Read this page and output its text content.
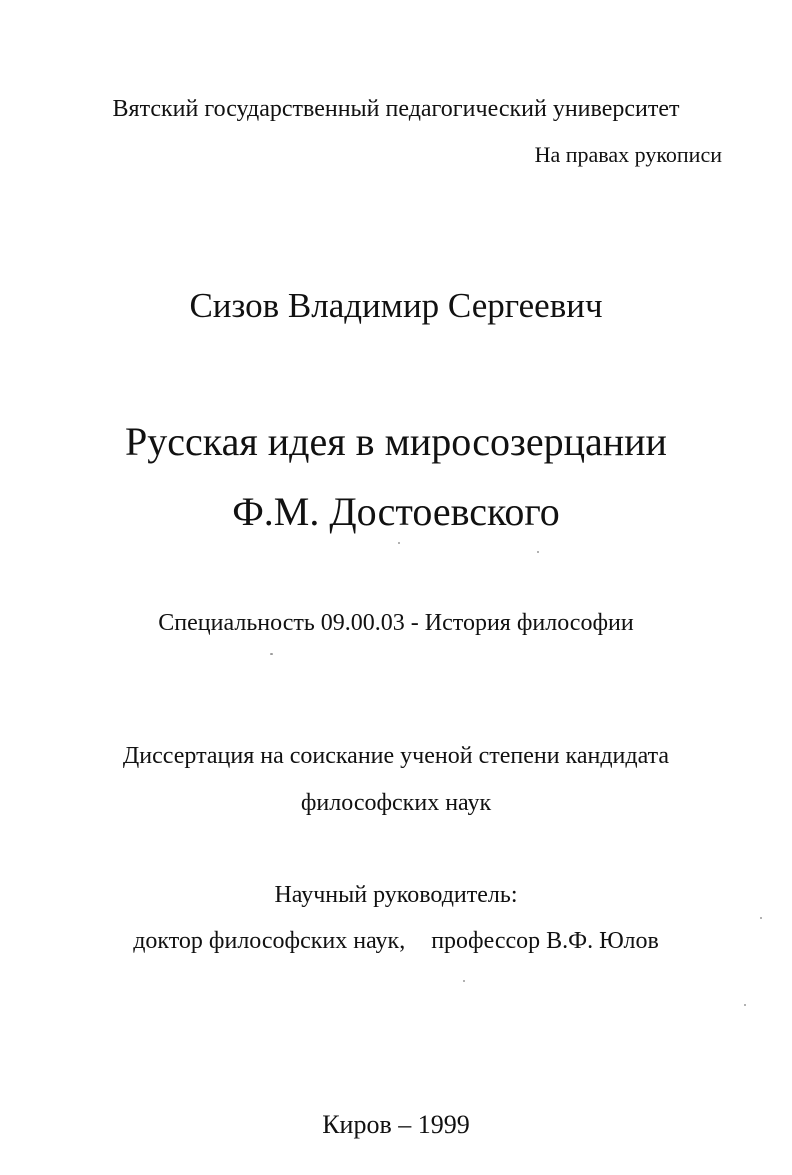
Вятский государственный педагогический университет
На правах рукописи
Сизов Владимир Сергеевич
Русская идея в миросозерцании
Ф.М. Достоевского
Специальность 09.00.03 - История философии
Диссертация на соискание ученой степени кандидата
философских наук
Научный руководитель:
доктор философских наук, профессор В.Ф. Юлов
Киров – 1999
